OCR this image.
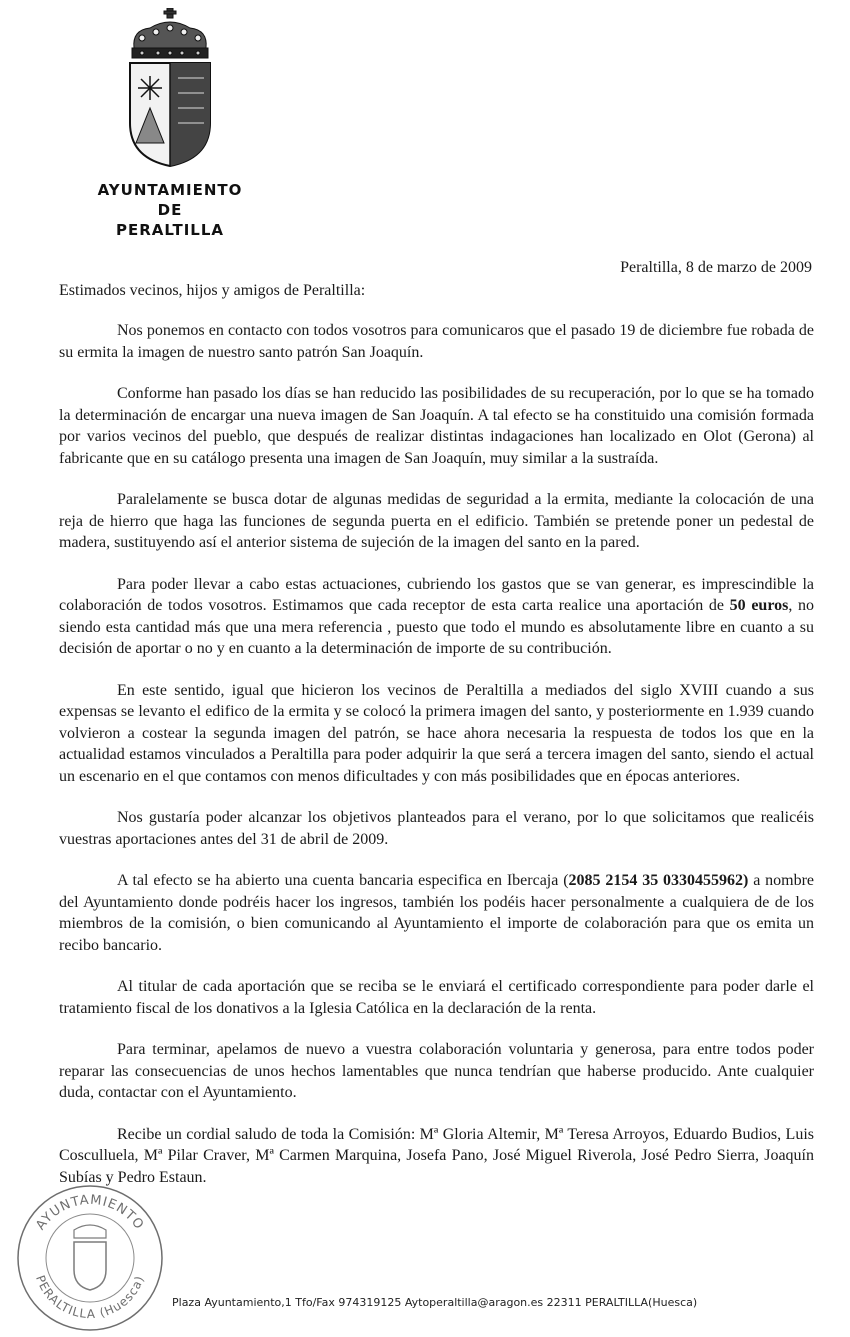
AYUNTAMIENTO
DE
PERALTILLA
Peraltilla, 8 de marzo de 2009
Estimados vecinos, hijos y amigos de Peraltilla:

Nos ponemos en contacto con todos vosotros para comunicaros que el pasado 19 de diciembre fue robada de su ermita la imagen de nuestro santo patrón San Joaquín.

Conforme han pasado los días se han reducido las posibilidades de su recuperación, por lo que se ha tomado la determinación de encargar una nueva imagen de San Joaquín. A tal efecto se ha constituido una comisión formada por varios vecinos del pueblo, que después de realizar distintas indagaciones han localizado en Olot (Gerona) al fabricante que en su catálogo presenta una imagen de San Joaquín, muy similar a la sustraída.

Paralelamente se busca dotar de algunas medidas de seguridad a la ermita, mediante la colocación de una reja de hierro que haga las funciones de segunda puerta en el edificio. También se pretende poner un pedestal de madera, sustituyendo así el anterior sistema de sujeción de la imagen del santo en la pared.

Para poder llevar a cabo estas actuaciones, cubriendo los gastos que se van generar, es imprescindible la colaboración de todos vosotros. Estimamos que cada receptor de esta carta realice una aportación de 50 euros, no siendo esta cantidad más que una mera referencia , puesto que todo el mundo es absolutamente libre en cuanto a su decisión de aportar o no y en cuanto a la determinación de importe de su contribución.

En este sentido, igual que hicieron los vecinos de Peraltilla a mediados del siglo XVIII cuando a sus expensas se levanto el edifico de la ermita y se colocó la primera imagen del santo, y posteriormente en 1.939 cuando volvieron a costear la segunda imagen del patrón, se hace ahora necesaria la respuesta de todos los que en la actualidad estamos vinculados a Peraltilla para poder adquirir la que será a tercera imagen del santo, siendo el actual un escenario en el que contamos con menos dificultades y con más posibilidades que en épocas anteriores.

Nos gustaría poder alcanzar los objetivos planteados para el verano, por lo que solicitamos que realicéis vuestras aportaciones antes del 31 de abril de 2009.

A tal efecto se ha abierto una cuenta bancaria especifica en Ibercaja (2085 2154 35 0330455962) a nombre del Ayuntamiento donde podréis hacer los ingresos, también los podéis hacer personalmente a cualquiera de de los miembros de la comisión, o bien comunicando al Ayuntamiento el importe de colaboración para que os emita un recibo bancario.

Al titular de cada aportación que se reciba se le enviará el certificado correspondiente para poder darle el tratamiento fiscal de los donativos a la Iglesia Católica en la declaración de la renta.

Para terminar, apelamos de nuevo a vuestra colaboración voluntaria y generosa, para entre todos poder reparar las consecuencias de unos hechos lamentables que nunca tendrían que haberse producido. Ante cualquier duda, contactar con el Ayuntamiento.

Recibe un cordial saludo de toda la Comisión: Mª Gloria Altemir, Mª Teresa Arroyos, Eduardo Budios, Luis Cosculluela, Mª Pilar Craver, Mª Carmen Marquina, Josefa Pano, José Miguel Riverola, José Pedro Sierra, Joaquín Subías y Pedro Estaun.

AYUNTAMIENTO
PERALTILLA (Huesca)
Plaza Ayuntamiento,1 Tfo/Fax 974319125 Aytoperaltilla@aragon.es 22311 PERALTILLA(Huesca)
